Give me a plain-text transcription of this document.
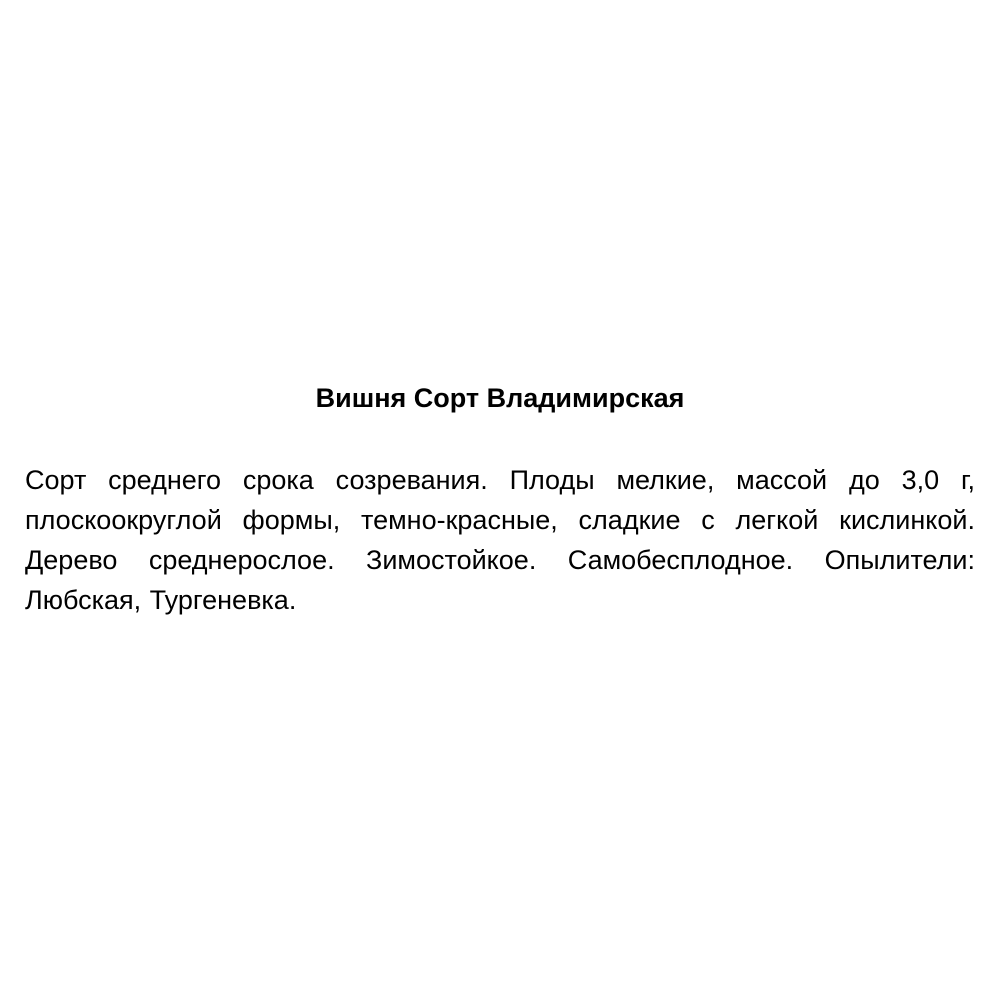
Вишня Сорт Владимирская

Сорт среднего срока созревания. Плоды мелкие, массой до 3,0 г, плоскоокруглой формы, темно-красные, сладкие с легкой кислинкой. Дерево среднерослое. Зимостойкое. Самобесплодное. Опылители: Любская, Тургеневка.
